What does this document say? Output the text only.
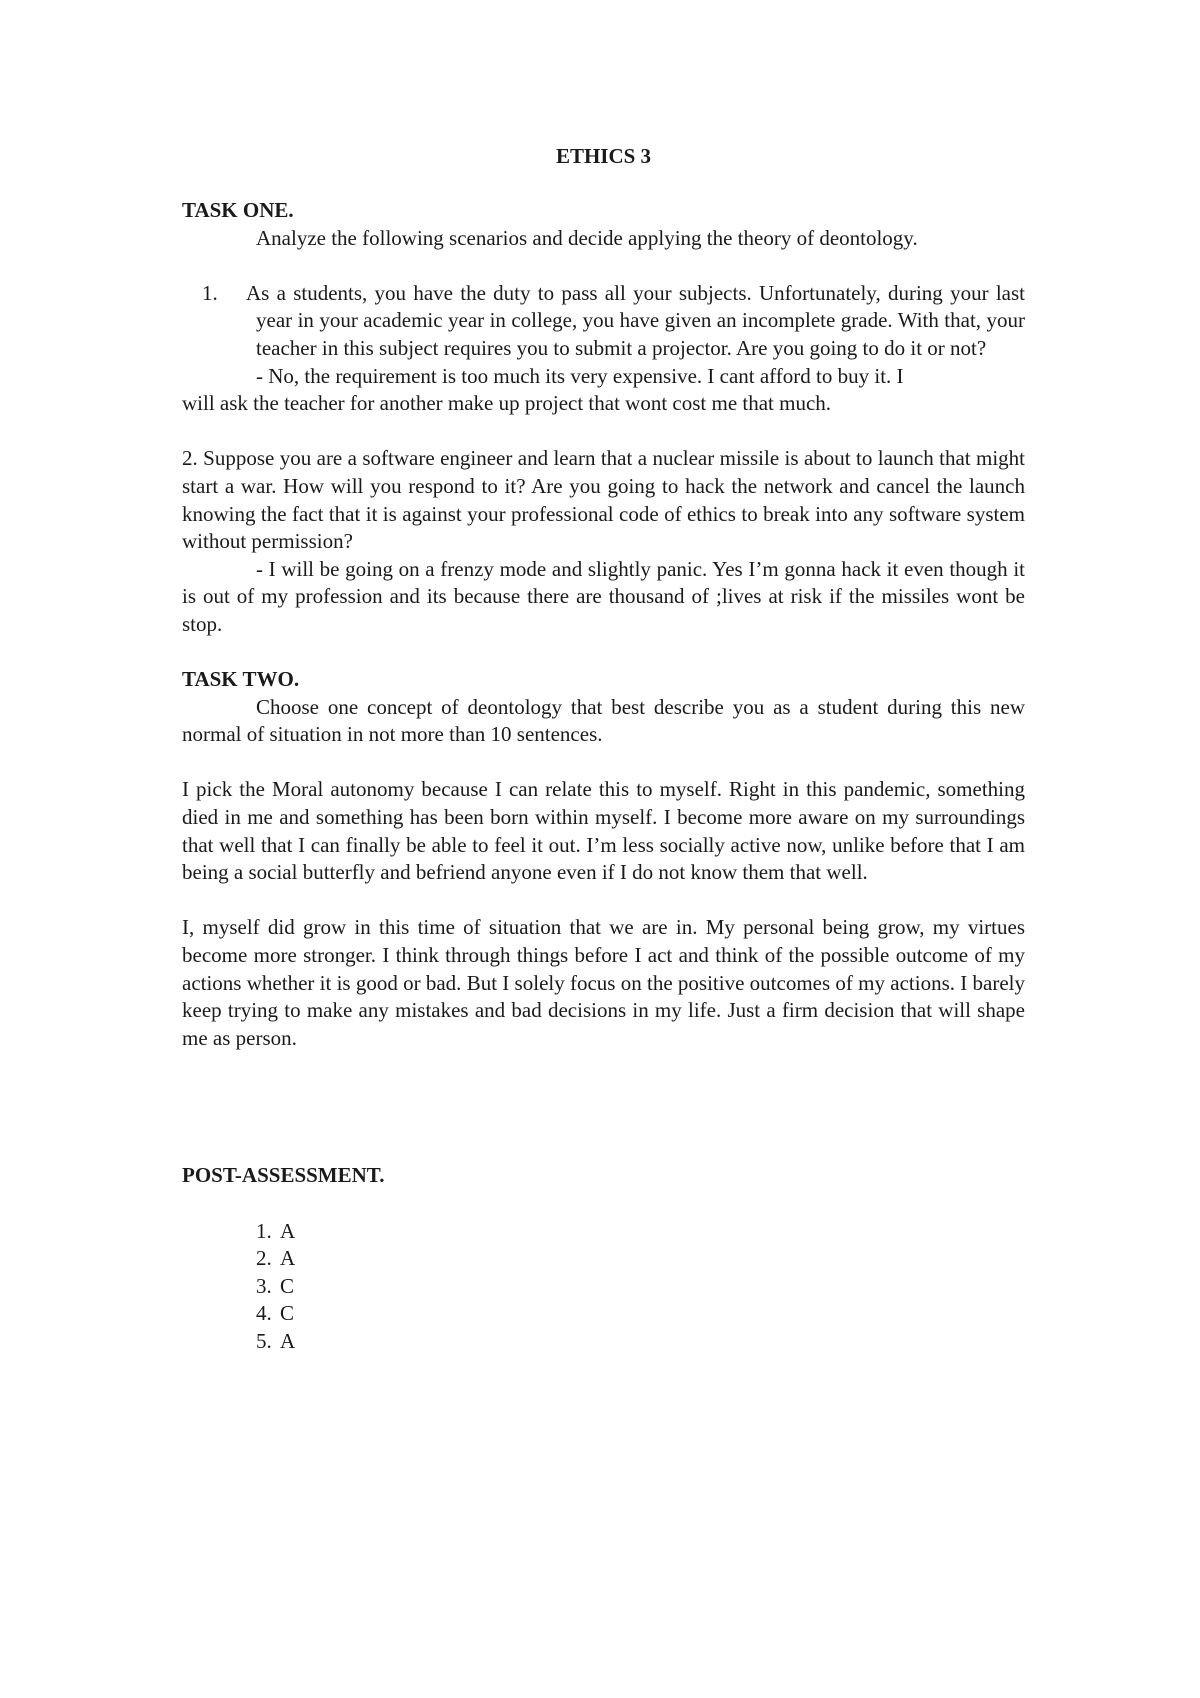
ETHICS 3

TASK ONE.

Analyze the following scenarios and decide applying the theory of deontology.

1. As a students, you have the duty to pass all your subjects. Unfortunately, during your last year in your academic year in college, you have given an incomplete grade. With that, your teacher in this subject requires you to submit a projector. Are you going to do it or not?

- No, the requirement is too much its very expensive. I cant afford to buy it. I

will ask the teacher for another make up project that wont cost me that much.

2. Suppose you are a software engineer and learn that a nuclear missile is about to launch that might start a war. How will you respond to it? Are you going to hack the network and cancel the launch knowing the fact that it is against your professional code of ethics to break into any software system without permission?

- I will be going on a frenzy mode and slightly panic. Yes I’m gonna hack it even though it is out of my profession and its because there are thousand of ;lives at risk if the missiles wont be stop.

TASK TWO.

Choose one concept of deontology that best describe you as a student during this new normal of situation in not more than 10 sentences.

I pick the Moral autonomy because I can relate this to myself. Right in this pandemic, something died in me and something has been born within myself. I become more aware on my surroundings that well that I can finally be able to feel it out. I’m less socially active now, unlike before that I am being a social butterfly and befriend anyone even if I do not know them that well.

I, myself did grow in this time of situation that we are in. My personal being grow, my virtues become more stronger. I think through things before I act and think of the possible outcome of my actions whether it is good or bad. But I solely focus on the positive outcomes of my actions. I barely keep trying to make any mistakes and bad decisions in my life. Just a firm decision that will shape me as person.

POST-ASSESSMENT.

1. A
2. A
3. C
4. C
5. A
